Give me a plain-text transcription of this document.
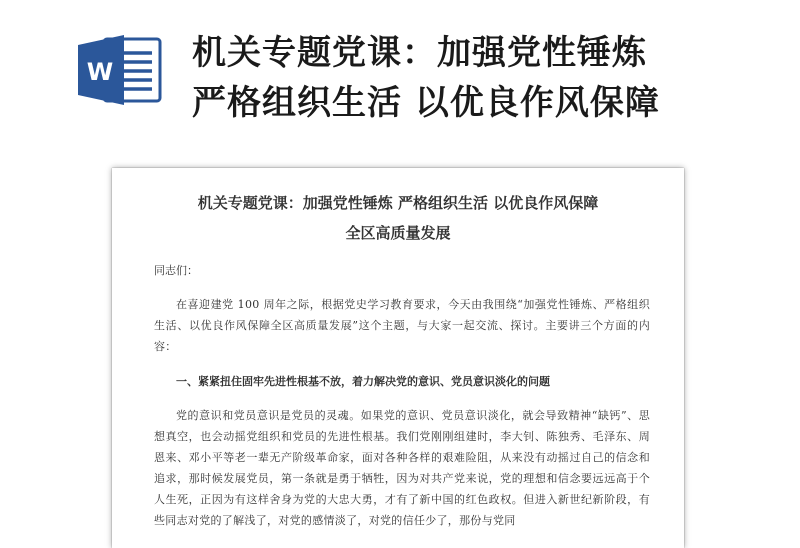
W 机关专题党课：加强党性锤炼
严格组织生活 以优良作风保障
机关专题党课：加强党性锤炼 严格组织生活 以优良作风保障
全区高质量发展
同志们：
在喜迎建党 100 周年之际，根据党史学习教育要求，今天由我围绕“加强党性锤炼、严格组织生活、以优良作风保障全区高质量发展”这个主题，与大家一起交流、探讨。主要讲三个方面的内容：
一、紧紧扭住固牢先进性根基不放，着力解决党的意识、党员意识淡化的问题
党的意识和党员意识是党员的灵魂。如果党的意识、党员意识淡化，就会导致精神“缺钙”、思想真空，也会动摇党组织和党员的先进性根基。我们党刚刚组建时，李大钊、陈独秀、毛泽东、周恩来、邓小平等老一辈无产阶级革命家，面对各种各样的艰难险阻，从来没有动摇过自己的信念和追求，那时候发展党员，第一条就是勇于牺牲，因为对共产党来说，党的理想和信念要远远高于个人生死，正因为有这样舍身为党的大忠大勇，才有了新中国的红色政权。但进入新世纪新阶段，有些同志对党的了解浅了，对党的感情淡了，对党的信任少了，那份与党同
